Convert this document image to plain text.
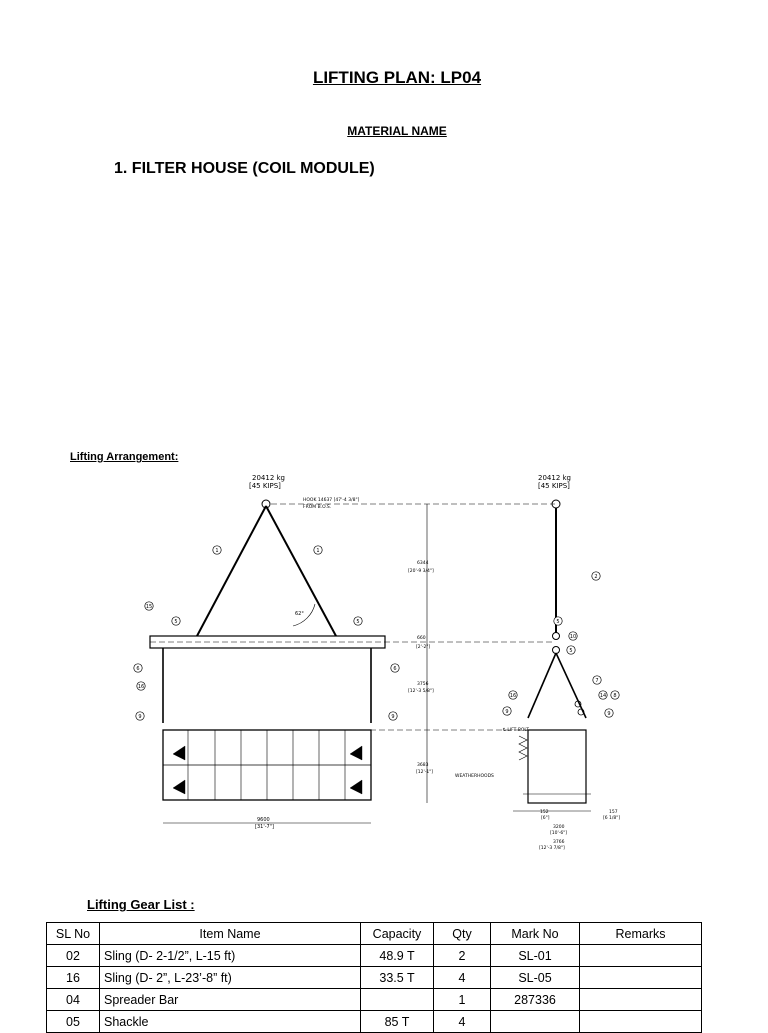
LIFTING PLAN: LP04
MATERIAL NAME
1. FILTER HOUSE (COIL MODULE)
Lifting Arrangement:
20412 kg
[45 KIPS]
HOOK 14637 [47'-4 3/8"]
FROM B.O.S.
62°
9600
[31'-7"]
6344
[20'-9 3/4"]
660
[2'-2"]
3756
[12'-3 5/8"]
3683
[12'-1"]
20412 kg
[45 KIPS]
℄ LIFT BOLT
WEATHERHOODS
152
[6"]
157
[6 1/8"]
3200
[10'-6"]
3766
[12'-3 7/8"]
1	1
15
5	5
6	6
16
9	9
2
5
10
5
7
14 8
16
9	9
Lifting Gear List :
SL No	Item Name	Capacity	Qty	Mark No	Remarks
02	Sling (D- 2-1/2”, L-15 ft)	48.9 T	2	SL-01	
16	Sling (D- 2”, L-23’-8” ft)	33.5 T	4	SL-05	
04	Spreader Bar		1	287336	
05	Shackle	85 T	4		
